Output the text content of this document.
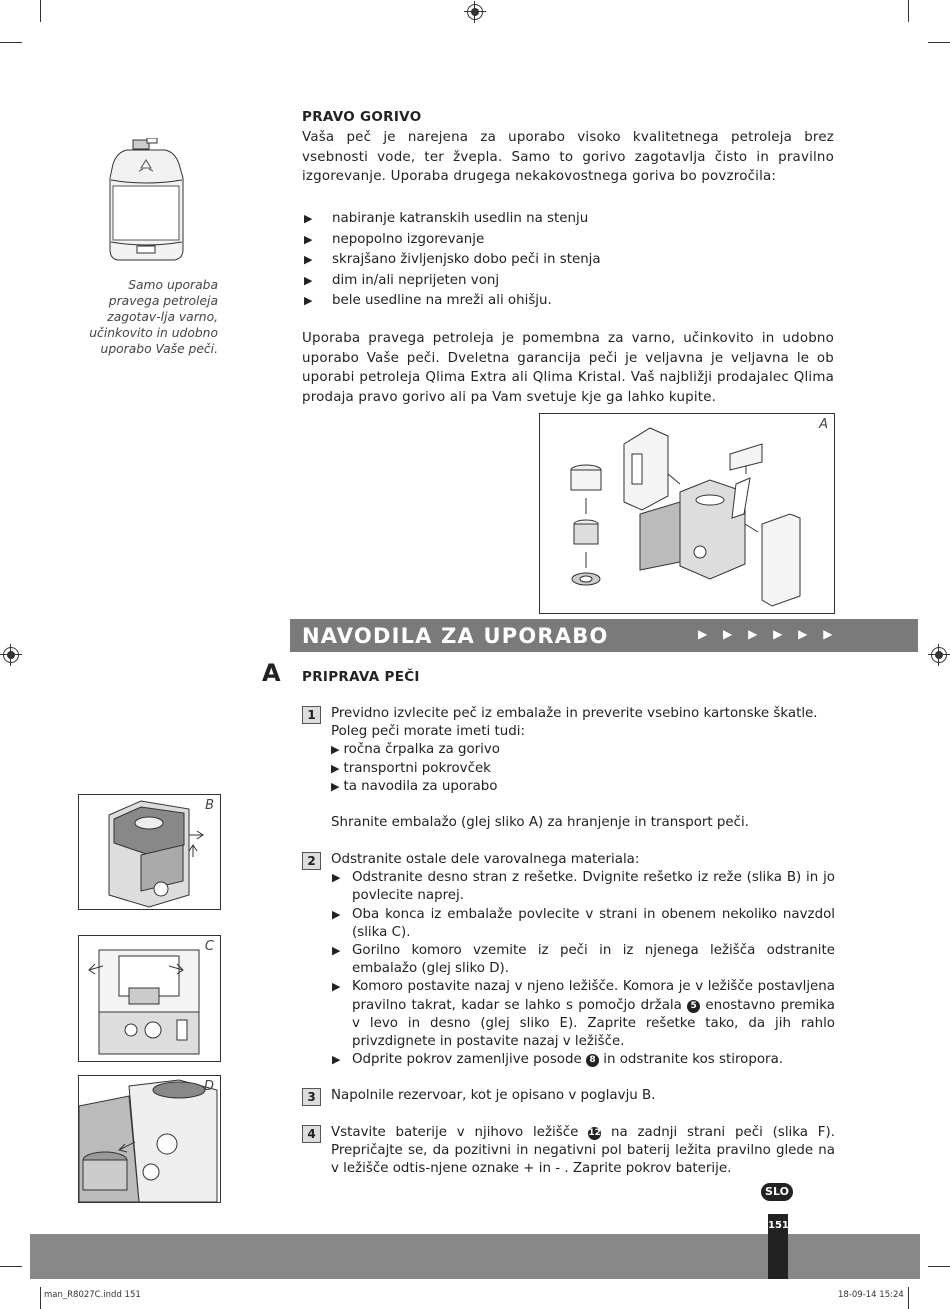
Samo uporaba pravega petroleja zagotav-lja varno, učinkovito in udobno uporabo Vaše peči.
PRAVO GORIVO
Vaša peč je narejena za uporabo visoko kvalitetnega petroleja brez vsebnosti vode, ter žvepla. Samo to gorivo zagotavlja čisto in pravilno izgorevanje. Uporaba drugega nekakovostnega goriva bo povzročila:
▶ nabiranje katranskih usedlin na stenju
▶ nepopolno izgorevanje
▶ skrajšano življenjsko dobo peči in stenja
▶ dim in/ali neprijeten vonj
▶ bele usedline na mreži ali ohišju.
Uporaba pravega petroleja je pomembna za varno, učinkovito in udobno uporabo Vaše peči. Dveletna garancija peči je veljavna je veljavna le ob uporabi petroleja Qlima Extra ali Qlima Kristal. Vaš najbližji prodajalec Qlima prodaja pravo gorivo ali pa Vam svetuje kje ga lahko kupite.
A
NAVODILA ZA UPORABO	▶ ▶ ▶ ▶ ▶ ▶
A PRIPRAVA PEČI
1	Previdno izvlecite peč iz embalaže in preverite vsebino kartonske škatle.
Poleg peči morate imeti tudi:
▶ ročna črpalka za gorivo
▶ transportni pokrovček
▶ ta navodila za uporabo
Shranite embalažo (glej sliko A) za hranjenje in transport peči.
2	Odstranite ostale dele varovalnega materiala:
▶ Odstranite desno stran z rešetke. Dvignite rešetko iz reže (slika B) in jo povlecite naprej.
▶ Oba konca iz embalaže povlecite v strani in obenem nekoliko navzdol (slika C).
▶ Gorilno komoro vzemite iz peči in iz njenega ležišča odstranite embalažo (glej sliko D).
▶ Komoro postavite nazaj v njeno ležišče. Komora je v ležišče postavljena pravilno takrat, kadar se lahko s pomočjo držala 5 enostavno premika v levo in desno (glej sliko E). Zaprite rešetke tako, da jih rahlo privzdignete in postavite nazaj v ležišče.
▶ Odprite pokrov zamenljive posode 8 in odstranite kos stiropora.
3	Napolnile rezervoar, kot je opisano v poglavju B.
4	Vstavite baterije v njihovo ležišče 12 na zadnji strani peči (slika F). Prepričajte se, da pozitivni in negativni pol baterij ležita pravilno glede na v ležišče odtis-njene oznake + in - . Zaprite pokrov baterije.
B
C
D
SLO
151
man_R8027C.indd 151	18-09-14 15:24
